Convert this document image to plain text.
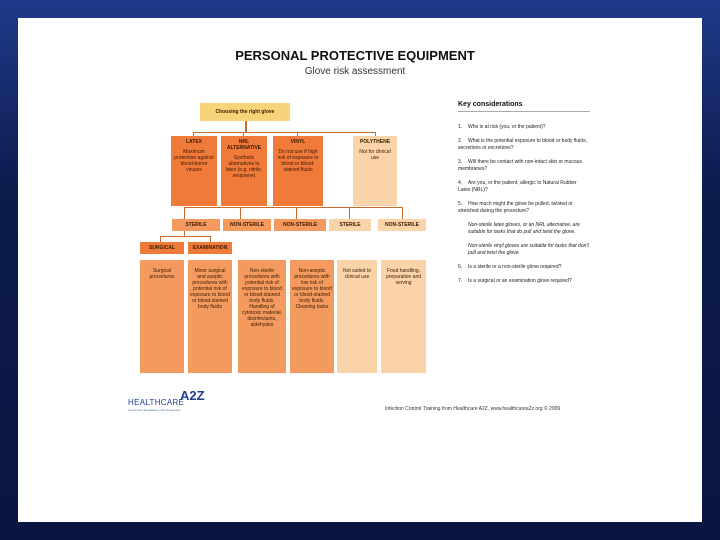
PERSONAL PROTECTIVE EQUIPMENT
Glove risk assessment
Choosing the right glove
LATEX
Maximum protection against blood-borne viruses
NRL ALTERNATIVE
Synthetic alternatives to latex (e.g. nitrile, neoprene)
VINYL
Do not use if high risk of exposure to blood or blood-stained fluids
POLYTHENE
Not for clinical use
STERILE	NON-STERILE	NON-STERILE	STERILE	NON-STERILE
SURGICAL	EXAMINATION
Surgical procedures
Minor surgical and aseptic procedures with potential risk of exposure to blood or blood-stained body fluids
Non-sterile procedures with potential risk of exposure to blood or blood-stained body fluids. Handling of cytotoxic material, disinfectants, aldehydes
Non-aseptic procedures with low risk of exposure to blood or blood-stained body fluids. Cleaning tasks
Not suited to clinical use
Food handling, preparation and serving
Key considerations
1. Who is at risk (you, or the patient)?
2. What is the potential exposure to blood or body fluids, secretions or excretions?
3. Will there be contact with non-intact skin or mucous membranes?
4. Are you, or the patient, allergic to Natural Rubber Latex (NRL)?
5. How much might the glove be pulled, twisted or stretched during the procedure?
Non-sterile latex gloves, or an NRL alternative, are suitable for tasks that do pull and twist the glove.
Non-sterile vinyl gloves are suitable for tasks that don't pull and twist the glove.
6. Is a sterile or a non-sterile glove required?
7. Is a surgical or an examination glove required?
HEALTHCARE
A2Z
INTRODUCING THE LEADER IN COMPETITIVE ACCESS	Infection Control Training from Healthcare A2Z, www.healthcarea2z.org © 2009
